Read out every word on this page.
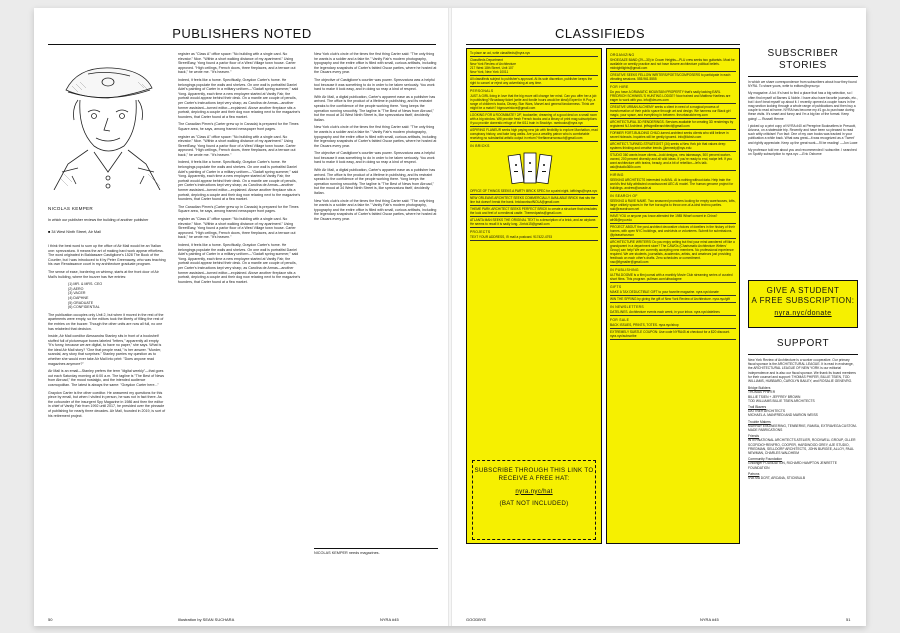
PUBLISHERS NOTED
NICOLAS KEMPER
In which our publisher reviews the building of another publisher
■ 34 West Ninth Street, Air Mail

I think the best word to sum up the office of Air Mail would be an 'Italian one: sprezzatura. It means the art of making hard work appear effortless. The word originated in Baldassare Castiglione's 1528 The Book of the Courtier, but I was introduced to it by Peter Greenaway, who was teaching his own Renaissance court in my architecture graduate program.

The sense of ease, bordering on whimsy, starts at the front door of Air Mail's building, where the buzzer has five entries:

(1) MR. & MRS. CEO
(2) AERO
(3) VACER
(4) DAPHNE
(5) GRADUATE
(6) CONFIDENTIAL

The publication occupies only Unit 2, but when it moved in the rest of the apartments were empty, so the editors took the liberty of filling the rest of the entries on the buzzer. Though the other units are now all full, no one has relabeled that decision.

Inside, Air Mail coeditor Alessandra Stanley sits in front of a bookshelf stuffed full of picturesque boxes labeled "letters," apparently all empty. "It's funny, because we are digital, to have no paper," she says. What is the ideal Air Mail story? "One that people read," is her answer. "Murder, scandal, any story that surprises." Stanley parries my question as to whether she would ever take Air Mail into print: "Does anyone read magazines anymore?"

Air Mail is an email—Stanley prefers the term "digital weekly"—that goes out each Saturday morning at 6:00 a.m. The tagline is "The Best of News from Abroad," the mood nostalgic, and the intended audience cosmopolitan. The latest is always the same: "Graydon Carter here..."

Graydon Carter is the other coeditor. He answered my questions for this piece by email, but when I visited in person, he was not in fact there. As the cofounder of the insurgent Spy Magazine in 1986 and then the editor in chief of Vanity Fair from 1992 until 2017, he presided over the pinnacle of publishing for nearly three decades. Air Mail, founded in 2019, is sort of his retirement project.

register as "Class A" office space: "No building with a single card. No elevator." Nice. "Within a short walking distance of my apartment." Using StreetEasy, Yong found a parlor floor of a West Village town house. Carter approved. "High ceilings, French doors, three fireplaces, and a terrace out back," he wrote me. "It's heaven."

Indeed, it feels like a home. Specifically, Graydon Carter's home. He belongings populate the walls and shelves. On one wall is portraitist Daniel Adel's painting of Carter in a military uniform—"Gadafi spring summer," said Yong. Apparently, each time a new employee started at Vanity Fair, the portrait would appear behind their desk. On a mantle are couple of pencils, per Carter's instructions kept very sharp, as Carolina de Armas—another former assistant—turned editor—explained. Above another fireplace sits a portrait, depicting a couple and their dog now relaxing next to the magazine's founders, that Carter found at a flea market.

The Canadian Pimm's (Carter grew up in Canada) is prepared for the Times Square area, he says, among framed newspaper front pages.

register as "Class A" office space: "No building with a single card. No elevator." Nice. "Within a short walking distance of my apartment." Using StreetEasy, Yong found a parlor floor of a West Village town house. Carter approved. "High ceilings, French doors, three fireplaces, and a terrace out back," he wrote me. "It's heaven."

Indeed, it feels like a home. Specifically, Graydon Carter's home. He belongings populate the walls and shelves. On one wall is portraitist Daniel Adel's painting of Carter in a military uniform—"Gadafi spring summer," said Yong. Apparently, each time a new employee started at Vanity Fair, the portrait would appear behind their desk. On a mantle are couple of pencils, per Carter's instructions kept very sharp, as Carolina de Armas—another former assistant—turned editor—explained. Above another fireplace sits a portrait, depicting a couple and their dog now relaxing next to the magazine's founders, that Carter found at a flea market.

The Canadian Pimm's (Carter grew up in Canada) is prepared for the Times Square area, he says, among framed newspaper front pages.

register as "Class A" office space: "No building with a single card. No elevator." Nice. "Within a short walking distance of my apartment." Using StreetEasy, Yong found a parlor floor of a West Village town house. Carter approved. "High ceilings, French doors, three fireplaces, and a terrace out back," he wrote me. "It's heaven."

Indeed, it feels like a home. Specifically, Graydon Carter's home. He belongings populate the walls and shelves. On one wall is portraitist Daniel Adel's painting of Carter in a military uniform—"Gadafi spring summer," said Yong. Apparently, each time a new employee started at Vanity Fair, the portrait would appear behind their desk. On a mantle are couple of pencils, per Carter's instructions kept very sharp, as Carolina de Armas—another former assistant—turned editor—explained. Above another fireplace sits a portrait, depicting a couple and their dog now relaxing next to the magazine's founders, that Carter found at a flea market.

New York club's circle of the times the first thing Carter said: "The only thing he wants is a soldier and a fake tie." Vanity Fair's modern photography, typography and the entire office is filled with small, curious artifacts, including the legendary snapshots of Carter's fabled Oscar parties, where he hosted at the Oscars every year.

The objective of Castiglione's courtier was power. Sprezzatura was a helpful tool because it was something to do in order to be taken seriously. You work hard to make it look easy, and in doing so reap a kind of respect.

With Air Mail, a digital publication, Carter's apparent ease as a publisher has arrived. The office is the product of a lifetime in publishing, and its restraint speaks to the confidence of the people working there. Yong keeps the operation running smoothly. The tagline is "The Best of News from Abroad," but the mood at 34 West Ninth Street is, like sprezzatura itself, decidedly Italian.

New York club's circle of the times the first thing Carter said: "The only thing he wants is a soldier and a fake tie." Vanity Fair's modern photography, typography and the entire office is filled with small, curious artifacts, including the legendary snapshots of Carter's fabled Oscar parties, where he hosted at the Oscars every year.

The objective of Castiglione's courtier was power. Sprezzatura was a helpful tool because it was something to do in order to be taken seriously. You work hard to make it look easy, and in doing so reap a kind of respect.

With Air Mail, a digital publication, Carter's apparent ease as a publisher has arrived. The office is the product of a lifetime in publishing, and its restraint speaks to the confidence of the people working there. Yong keeps the operation running smoothly. The tagline is "The Best of News from Abroad," but the mood at 34 West Ninth Street is, like sprezzatura itself, decidedly Italian.

New York club's circle of the times the first thing Carter said: "The only thing he wants is a soldier and a fake tie." Vanity Fair's modern photography, typography and the entire office is filled with small, curious artifacts, including the legendary snapshots of Carter's fabled Oscar parties, where he hosted at the Oscars every year.

NICOLAS KEMPER needs magazines.
50	Illustration by SEAN SUCHARA	NYRA #45
CLASSIFIEDS
To place an ad, write classifieds@nyra.nyc
Classifieds Department
New York Review of Architecture
217 West 18th Street, Unit 107
New York, New York 10011
All classifieds subject to publisher's approval. At its sole discretion, publisher keeps the right to cancel or reject any advertising at any time.
PERSONALS
JUST A GIRL living in love that the big move will change her mind. Can you offer her a job in publishing? Broadway ticket (write and fondle hours would be ideal) Expert in H.Pop, a range of children's books, Disney, Star Wars, Marvel and general fandomness. Think we might be a match? bigmoveinlove@gmail.com
LOOKING FOR A ROOMMATE? 2/F, bookseller, dreaming of a good deal on a small room with a big window. Will provide fresh French books and a library of print mag subscriptions if you provide domestic refuge of the 6/11 train in Brooklyn. rambooks@nyra.nyc
ASPIRING FLANEUR seeks high paying new job with flexibility to explore Manhattan, read conspiracy history, and take long walks. Are you a wealthy patron who is comfortable receiving no substantial artistic output in return? theflaneurnonsuch@gmail.com
IN BRICKS
OFFICE OF THINGS SEEKS A PARTY BRICK SPEC for a paint night. iofthings@nyra.nyc
NEW ORLEANS ARCHITECT SEEKS COMMERCIALLY AVAILABLE BRICK that sits the line but doesn't break the bank. brickworksofNOLA@gmail.com
THEME PARK ARCHITECT SEEKS PERFECT BRICK to create a structure that simulates the look and feel of a medieval castle. Themedparks@gmail.com
ATLANTA MAN SEEKS THE ORIGINAL TEXT to a description of a brick, and an airplane. He seems to recall it is sadly long. J.brick15@gmail.com
PROJECTS
TEXT YOUR ADDRESS, I'll mail a postcard. 917422-4793
SUBSCRIBE THROUGH THIS LINK TO RECEIVE A FREE HAT:
nyra.nyc/hat
(BAT NOT INCLUDED)
ORGANIZING
SHOEGAZE BAND (29—30) in Crown Heights—PLU crew seeks two guitarists. Must be available on weekly practice and not have bizarre architecture political beliefs. midnightlights@gmail.com
CREATIVE SEEKS FELLOW WRITERS/POETS/COMPOSERS to participate in each vibrating sessions. 555.961.5555
FOR HIRE
Do you have A DRAMATIC MOUNTAIN PROPERTY that's sadly lacking EARL FREDRICH SCHINKEL'S HUNTING LODGE? Now trained and Matthew Hartless are eager to work with you. info@dm-ms.com
CREATIVE URBAN ALCHEMY seeks a client in need of a magical process of transformation of their public space through art and design. We harness our Black girl magic, your space, and everything in between. theurbanalchemy.com
ARCHITECTURAL 3D RENDERINGS. Services available for creating 3D renderings by registered NJ Architect. jeffsigmillerarchitect@gmail.com
FORMER FORT-BUILDING CHILD-turned-architect seeks clients who still believe in secret hideouts. Inquiries will be gently ignored. info@ilcbsh.com
ARCHITECT-TURNED-STRATEGIST (34) seeks a New York job that values deep systems thinking and creative trends. jjkennedy@nyu.edu
STUDIO 360 wants brave clients—bold designs, new takeaways, 500 percent worker-owned, 200 percent diversity and all wild ideas. If you're ready to end, swipe left. If you want architecture with brains, beauty, and a bit of rebellion—let's talk. ask@studio360x.com
HIRING
SEEKING ARCHITECTS interested in AI/ML. AI is nothing without data. Help train the world's first fully attributed crowdsourced AEC AI model. The human genome project for buildings. andrew@arcade.ai
IN SEARCH OF
SEEKING A RAVE NAME. Two seasoned promoters looking for empty warehouses, lofts, large unlikely spaces in the five boroughs to throw one-of-a-kind techno parties. raid@ravedroom.net
HAVE YOU or anyone you know attended the 1985 Wharf concert in China? afr05@nyu.edu
PROJECT ABOUT the post-architect decorative choices of dwellers in the history of their homes, with open NYC buildings, and archivists or volunteers. Submit for submissions. @pleasehosmon
ARCHITECTURE WRITERS! Do you enjoy writing but find your mind wandered off like a grandparent in a department store? The CAWGs (Charismatic Architecture Writers' Group) can help! We are currently accepting new members. No professional experience required. We are students, journalists, academics, artists, and amateurs just providing feedback on each other's drafts. Zero schedules or commitment. nao@figmailer@gmail.com
IN PUBLISHING
ULTRA DOGME is a film journal with a monthly Movie Club streaming series of curated short films. This program. pullman.com/ultradogme
GIFTS
MAKE A TAX DEDUCTIBLE GIFT to your favorite magazine. nyra.nyc/donate
WIN THE SPRING by giving the gift of New York Review of Architecture. nyra.nyc/gift
IN NEWSLETTERS
DATELINES. Architecture events each week, in your inbox. nyra.nyc/datelines
FOR SALE
BACK ISSUES, PRINTS, TOTES. nyra.nyc/shop
EXTREMELY SUBTLE COUPON: Use code NYRA45 at checkout for a $20 discount. nyra.nyc/subscribe
SUBSCRIBER STORIES

In which we share correspondence from subscribers about how they found NYRA. To share yours, write to editors@nyra.nyc

My magazine. A lot. It's hard to find a place that has a big selection, so I often find myself at Barnes & Noble. I have also have favorite journals, etc., but I don't beat myself up about it. I recently opened a couple hours in the mag section looking through a whole range of publications and then buy a couple to read at home. NYRA has become my #1 go-to purchase during these visits. It's smart and funny and I'm a big fan of the format. Keep going! — Russell Henne

I picked up a print copy of NYRA #40 at Peregrine Booksellers in Prescott, Arizona, on a statewide trip. Recently and have been so pleased to read such witty criticism! Fun fact: One of my own books was tracked in your publication a while back. What was great—it was recognized as a 'Tweet' and rightly appreciate. Keep up the great work—I'll be reading! —Jon Lowe

My professor told me about you and recommended I subscribe. I searched on Spotify subscription to nyra.nyc —Eric Osborne

GIVE A STUDENT
A FREE SUBSCRIPTION:
nyra.nyc/donate
SUPPORT

New York Review of Architecture is a worker cooperative. Our primary fiscal sponsor is the ARCHITECTURAL LEAGUE. It is read in exchange, the ARCHITECTURAL LEAGUE OF NEW YORK is our editorial independence and is also our fiscal sponsor. We thank its board members for their counsel and support: THOMAS PHIFER, BILLIE TSIEN, TOD WILLIAMS, HUBBARD, CAROLYN BAILEY, and ROSALIE GENEVRO.

Bridge Builders
THOMAS PHIFER
BILLIE TSIEN + JEFFREY BROWN
TOD WILLIAMS BILLIE TSIEN ARCHITECTS
Trail Blazers
DATTNER ARCHITECTS
MICHAEL A. MANFREDI AND MARION WEISS
Trouble Makers
MURRAY ENGINEERING, TENBERKE, RAMSA, EXTRAVEGA CUSTOM-MADE FABRICATIONS
Friends
INTERNATIONAL ARCHITECTS ATELIER, ROCKWELL GROUP, OLLER SCOFIDIO+RENFRO, COOPER, HARDWOOD GREY, AJE STUDIO, FRIEDMAN, SELLDORF ARCHITECTS, JOHN BURGEE, ALLOY, PAUL NEWMAN, CHARLES WALDHEIM
Community Foundation
Ghidinger FOUNDATION, RICHARD HAMPTON JENRETTE FOUNDATION
Patrons
SVA MA DCRT, ARCANA, STICKBULB
GOODBYE	NYRA #45	51
